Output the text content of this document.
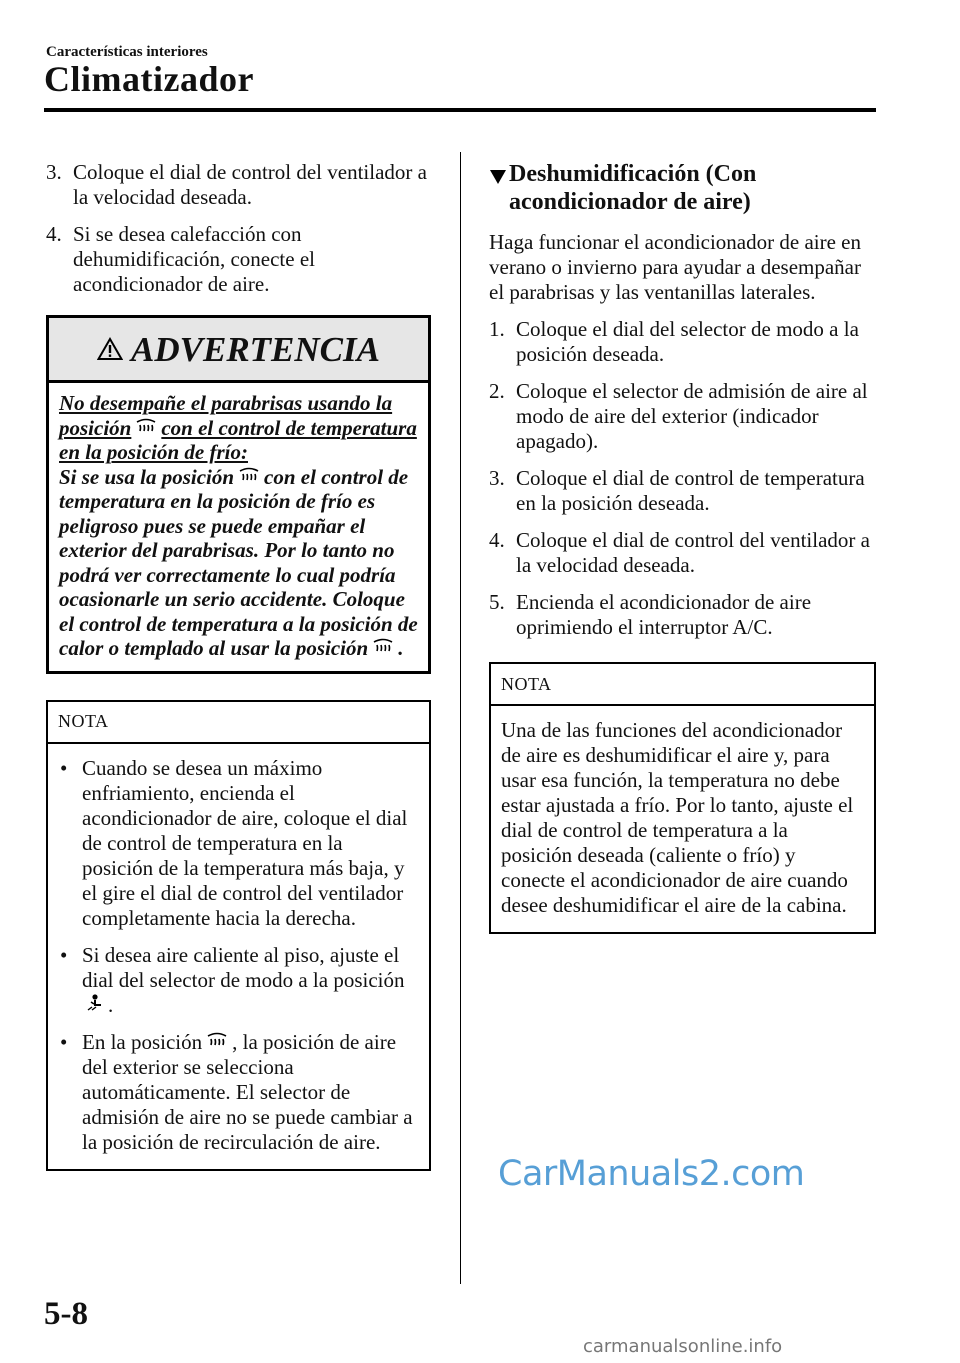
Características interiores
Climatizador
3. Coloque el dial de control del ventilador a la velocidad deseada.
4. Si se desea calefacción con dehumidificación, conecte el acondicionador de aire.
ADVERTENCIA
No desempañe el parabrisas usando la posición con el control de temperatura en la posición de frío:
Si se usa la posición con el control de temperatura en la posición de frío es peligroso pues se puede empañar el exterior del parabrisas. Por lo tanto no podrá ver correctamente lo cual podría ocasionarle un serio accidente. Coloque el control de temperatura a la posición de calor o templado al usar la posición .
NOTA
• Cuando se desea un máximo enfriamiento, encienda el acondicionador de aire, coloque el dial de control de temperatura en la posición de la temperatura más baja, y el gire el dial de control del ventilador completamente hacia la derecha.
• Si desea aire caliente al piso, ajuste el dial del selector de modo a la posición.
• En la posición , la posición de aire del exterior se selecciona automáticamente. El selector de admisión de aire no se puede cambiar a la posición de recirculación de aire.
Deshumidificación (Con acondicionador de aire)
Haga funcionar el acondicionador de aire en verano o invierno para ayudar a desempañar el parabrisas y las ventanillas laterales.
1. Coloque el dial del selector de modo a la posición deseada.
2. Coloque el selector de admisión de aire al modo de aire del exterior (indicador apagado).
3. Coloque el dial de control de temperatura en la posición deseada.
4. Coloque el dial de control del ventilador a la velocidad deseada.
5. Encienda el acondicionador de aire oprimiendo el interruptor A/C.
NOTA
Una de las funciones del acondicionador de aire es deshumidificar el aire y, para usar esa función, la temperatura no debe estar ajustada a frío. Por lo tanto, ajuste el dial de control de temperatura a la posición deseada (caliente o frío) y conecte el acondicionador de aire cuando desee deshumidificar el aire de la cabina.
5-8
CarManuals2.com
carmanualsonline.info
